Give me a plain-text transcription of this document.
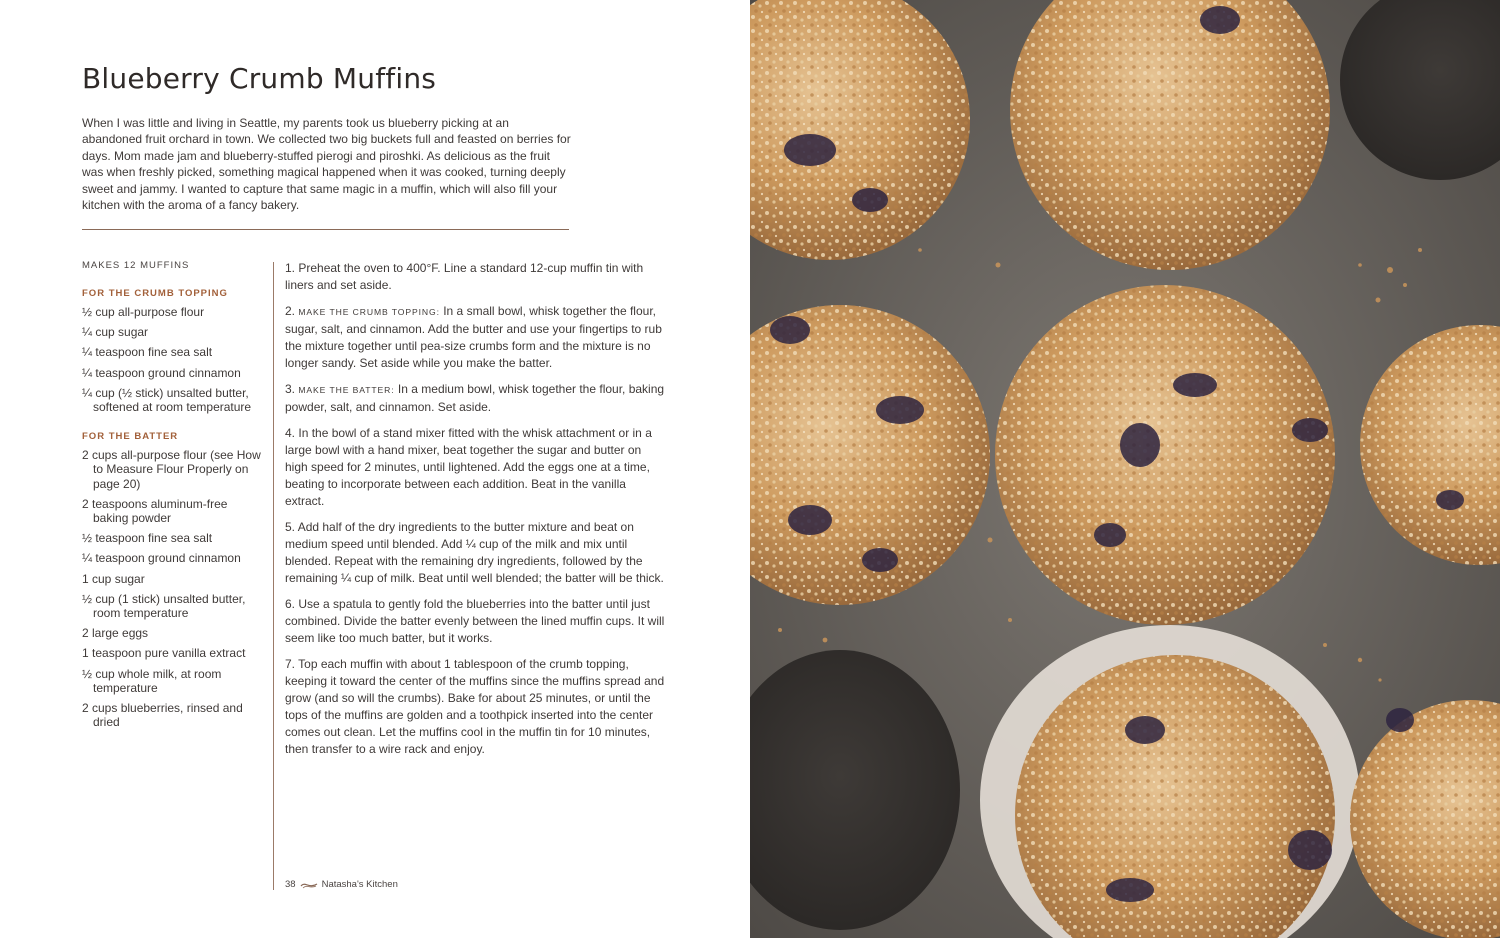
Blueberry Crumb Muffins

When I was little and living in Seattle, my parents took us blueberry picking at an abandoned fruit orchard in town. We collected two big buckets full and feasted on berries for days. Mom made jam and blueberry-stuffed pierogi and piroshki. As delicious as the fruit was when freshly picked, something magical happened when it was cooked, turning deeply sweet and jammy. I wanted to capture that same magic in a muffin, which will also fill your kitchen with the aroma of a fancy bakery.

MAKES 12 MUFFINS
FOR THE CRUMB TOPPING
½ cup all-purpose flour
¼ cup sugar
¼ teaspoon fine sea salt
¼ teaspoon ground cinnamon
¼ cup (½ stick) unsalted butter, softened at room temperature
FOR THE BATTER
2 cups all-purpose flour (see How to Measure Flour Properly on page 20)
2 teaspoons aluminum-free baking powder
½ teaspoon fine sea salt
¼ teaspoon ground cinnamon
1 cup sugar
½ cup (1 stick) unsalted butter, room temperature
2 large eggs
1 teaspoon pure vanilla extract
½ cup whole milk, at room temperature
2 cups blueberries, rinsed and dried

1. Preheat the oven to 400°F. Line a standard 12-cup muffin tin with liners and set aside.

2. MAKE THE CRUMB TOPPING: In a small bowl, whisk together the flour, sugar, salt, and cinnamon. Add the butter and use your fingertips to rub the mixture together until pea-size crumbs form and the mixture is no longer sandy. Set aside while you make the batter.

3. MAKE THE BATTER: In a medium bowl, whisk together the flour, baking powder, salt, and cinnamon. Set aside.

4. In the bowl of a stand mixer fitted with the whisk attachment or in a large bowl with a hand mixer, beat together the sugar and butter on high speed for 2 minutes, until lightened. Add the eggs one at a time, beating to incorporate between each addition. Beat in the vanilla extract.

5. Add half of the dry ingredients to the butter mixture and beat on medium speed until blended. Add ¼ cup of the milk and mix until blended. Repeat with the remaining dry ingredients, followed by the remaining ¼ cup of milk. Beat until well blended; the batter will be thick.

6. Use a spatula to gently fold the blueberries into the batter until just combined. Divide the batter evenly between the lined muffin cups. It will seem like too much batter, but it works.

7. Top each muffin with about 1 tablespoon of the crumb topping, keeping it toward the center of the muffins since the muffins spread and grow (and so will the crumbs). Bake for about 25 minutes, or until the tops of the muffins are golden and a toothpick inserted into the center comes out clean. Let the muffins cool in the muffin tin for 10 minutes, then transfer to a wire rack and enjoy.

38	Natasha's Kitchen
